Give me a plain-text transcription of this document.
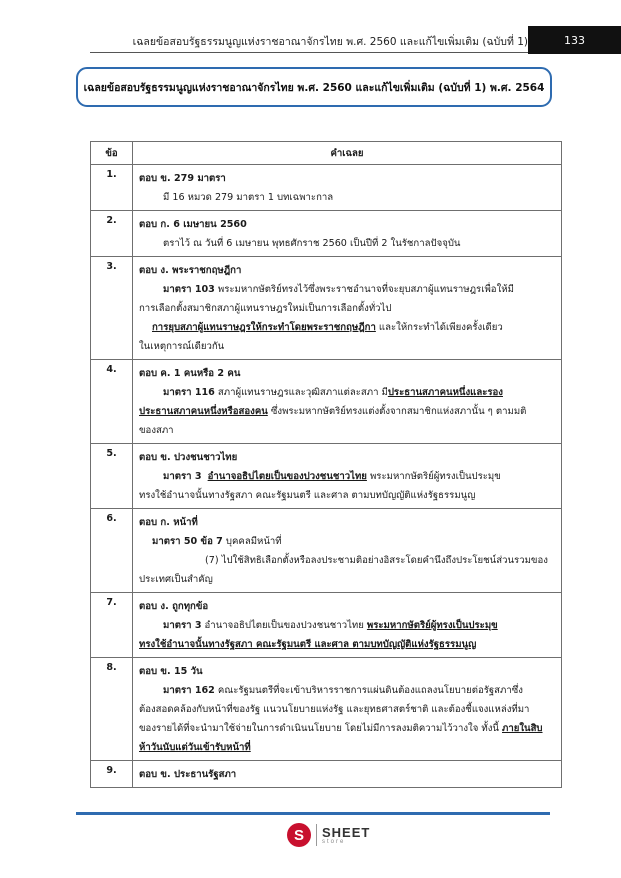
เฉลยข้อสอบรัฐธรรมนูญแห่งราชอาณาจักรไทย พ.ศ. 2560 และแก้ไขเพิ่มเติม (ฉบับที่ 1)	133
เฉลยข้อสอบรัฐธรรมนูญแห่งราชอาณาจักรไทย พ.ศ. 2560 และแก้ไขเพิ่มเติม (ฉบับที่ 1) พ.ศ. 2564
ข้อ	คำเฉลย
1.	ตอบ ข. 279 มาตรา
มี 16 หมวด 279 มาตรา 1 บทเฉพาะกาล

2.	ตอบ ก. 6 เมษายน 2560
ตราไว้ ณ วันที่ 6 เมษายน พุทธศักราช 2560 เป็นปีที่ 2 ในรัชกาลปัจจุบัน

3.	ตอบ ง. พระราชกฤษฎีกา
มาตรา 103 พระมหากษัตริย์ทรงไว้ซึ่งพระราชอำนาจที่จะยุบสภาผู้แทนราษฎรเพื่อให้มี
การเลือกตั้งสมาชิกสภาผู้แทนราษฎรใหม่เป็นการเลือกตั้งทั่วไป
การยุบสภาผู้แทนราษฎรให้กระทำโดยพระราชกฤษฎีกา และให้กระทำได้เพียงครั้งเดียว
ในเหตุการณ์เดียวกัน

4.	ตอบ ค. 1 คนหรือ 2 คน
มาตรา 116 สภาผู้แทนราษฎรและวุฒิสภาแต่ละสภา มีประธานสภาคนหนึ่งและรอง
ประธานสภาคนหนึ่งหรือสองคน ซึ่งพระมหากษัตริย์ทรงแต่งตั้งจากสมาชิกแห่งสภานั้น ๆ ตามมติ
ของสภา

5.	ตอบ ข. ปวงชนชาวไทย
มาตรา 3 อำนาจอธิปไตยเป็นของปวงชนชาวไทย พระมหากษัตริย์ผู้ทรงเป็นประมุข
ทรงใช้อำนาจนั้นทางรัฐสภา คณะรัฐมนตรี และศาล ตามบทบัญญัติแห่งรัฐธรรมนูญ

6.	ตอบ ก. หน้าที่
มาตรา 50 ข้อ 7 บุคคลมีหน้าที่
(7) ไปใช้สิทธิเลือกตั้งหรือลงประชามติอย่างอิสระโดยคำนึงถึงประโยชน์ส่วนรวมของ
ประเทศเป็นสำคัญ

7.	ตอบ ง. ถูกทุกข้อ
มาตรา 3 อำนาจอธิปไตยเป็นของปวงชนชาวไทย พระมหากษัตริย์ผู้ทรงเป็นประมุข
ทรงใช้อำนาจนั้นทางรัฐสภา คณะรัฐมนตรี และศาล ตามบทบัญญัติแห่งรัฐธรรมนูญ

8.	ตอบ ข. 15 วัน
มาตรา 162 คณะรัฐมนตรีที่จะเข้าบริหารราชการแผ่นดินต้องแถลงนโยบายต่อรัฐสภาซึ่ง
ต้องสอดคล้องกับหน้าที่ของรัฐ แนวนโยบายแห่งรัฐ และยุทธศาสตร์ชาติ และต้องชี้แจงแหล่งที่มา
ของรายได้ที่จะนำมาใช้จ่ายในการดำเนินนโยบาย โดยไม่มีการลงมติความไว้วางใจ ทั้งนี้ ภายในสิบ
ห้าวันนับแต่วันเข้ารับหน้าที่

9.	ตอบ ข. ประธานรัฐสภา
S	SHEET
store
